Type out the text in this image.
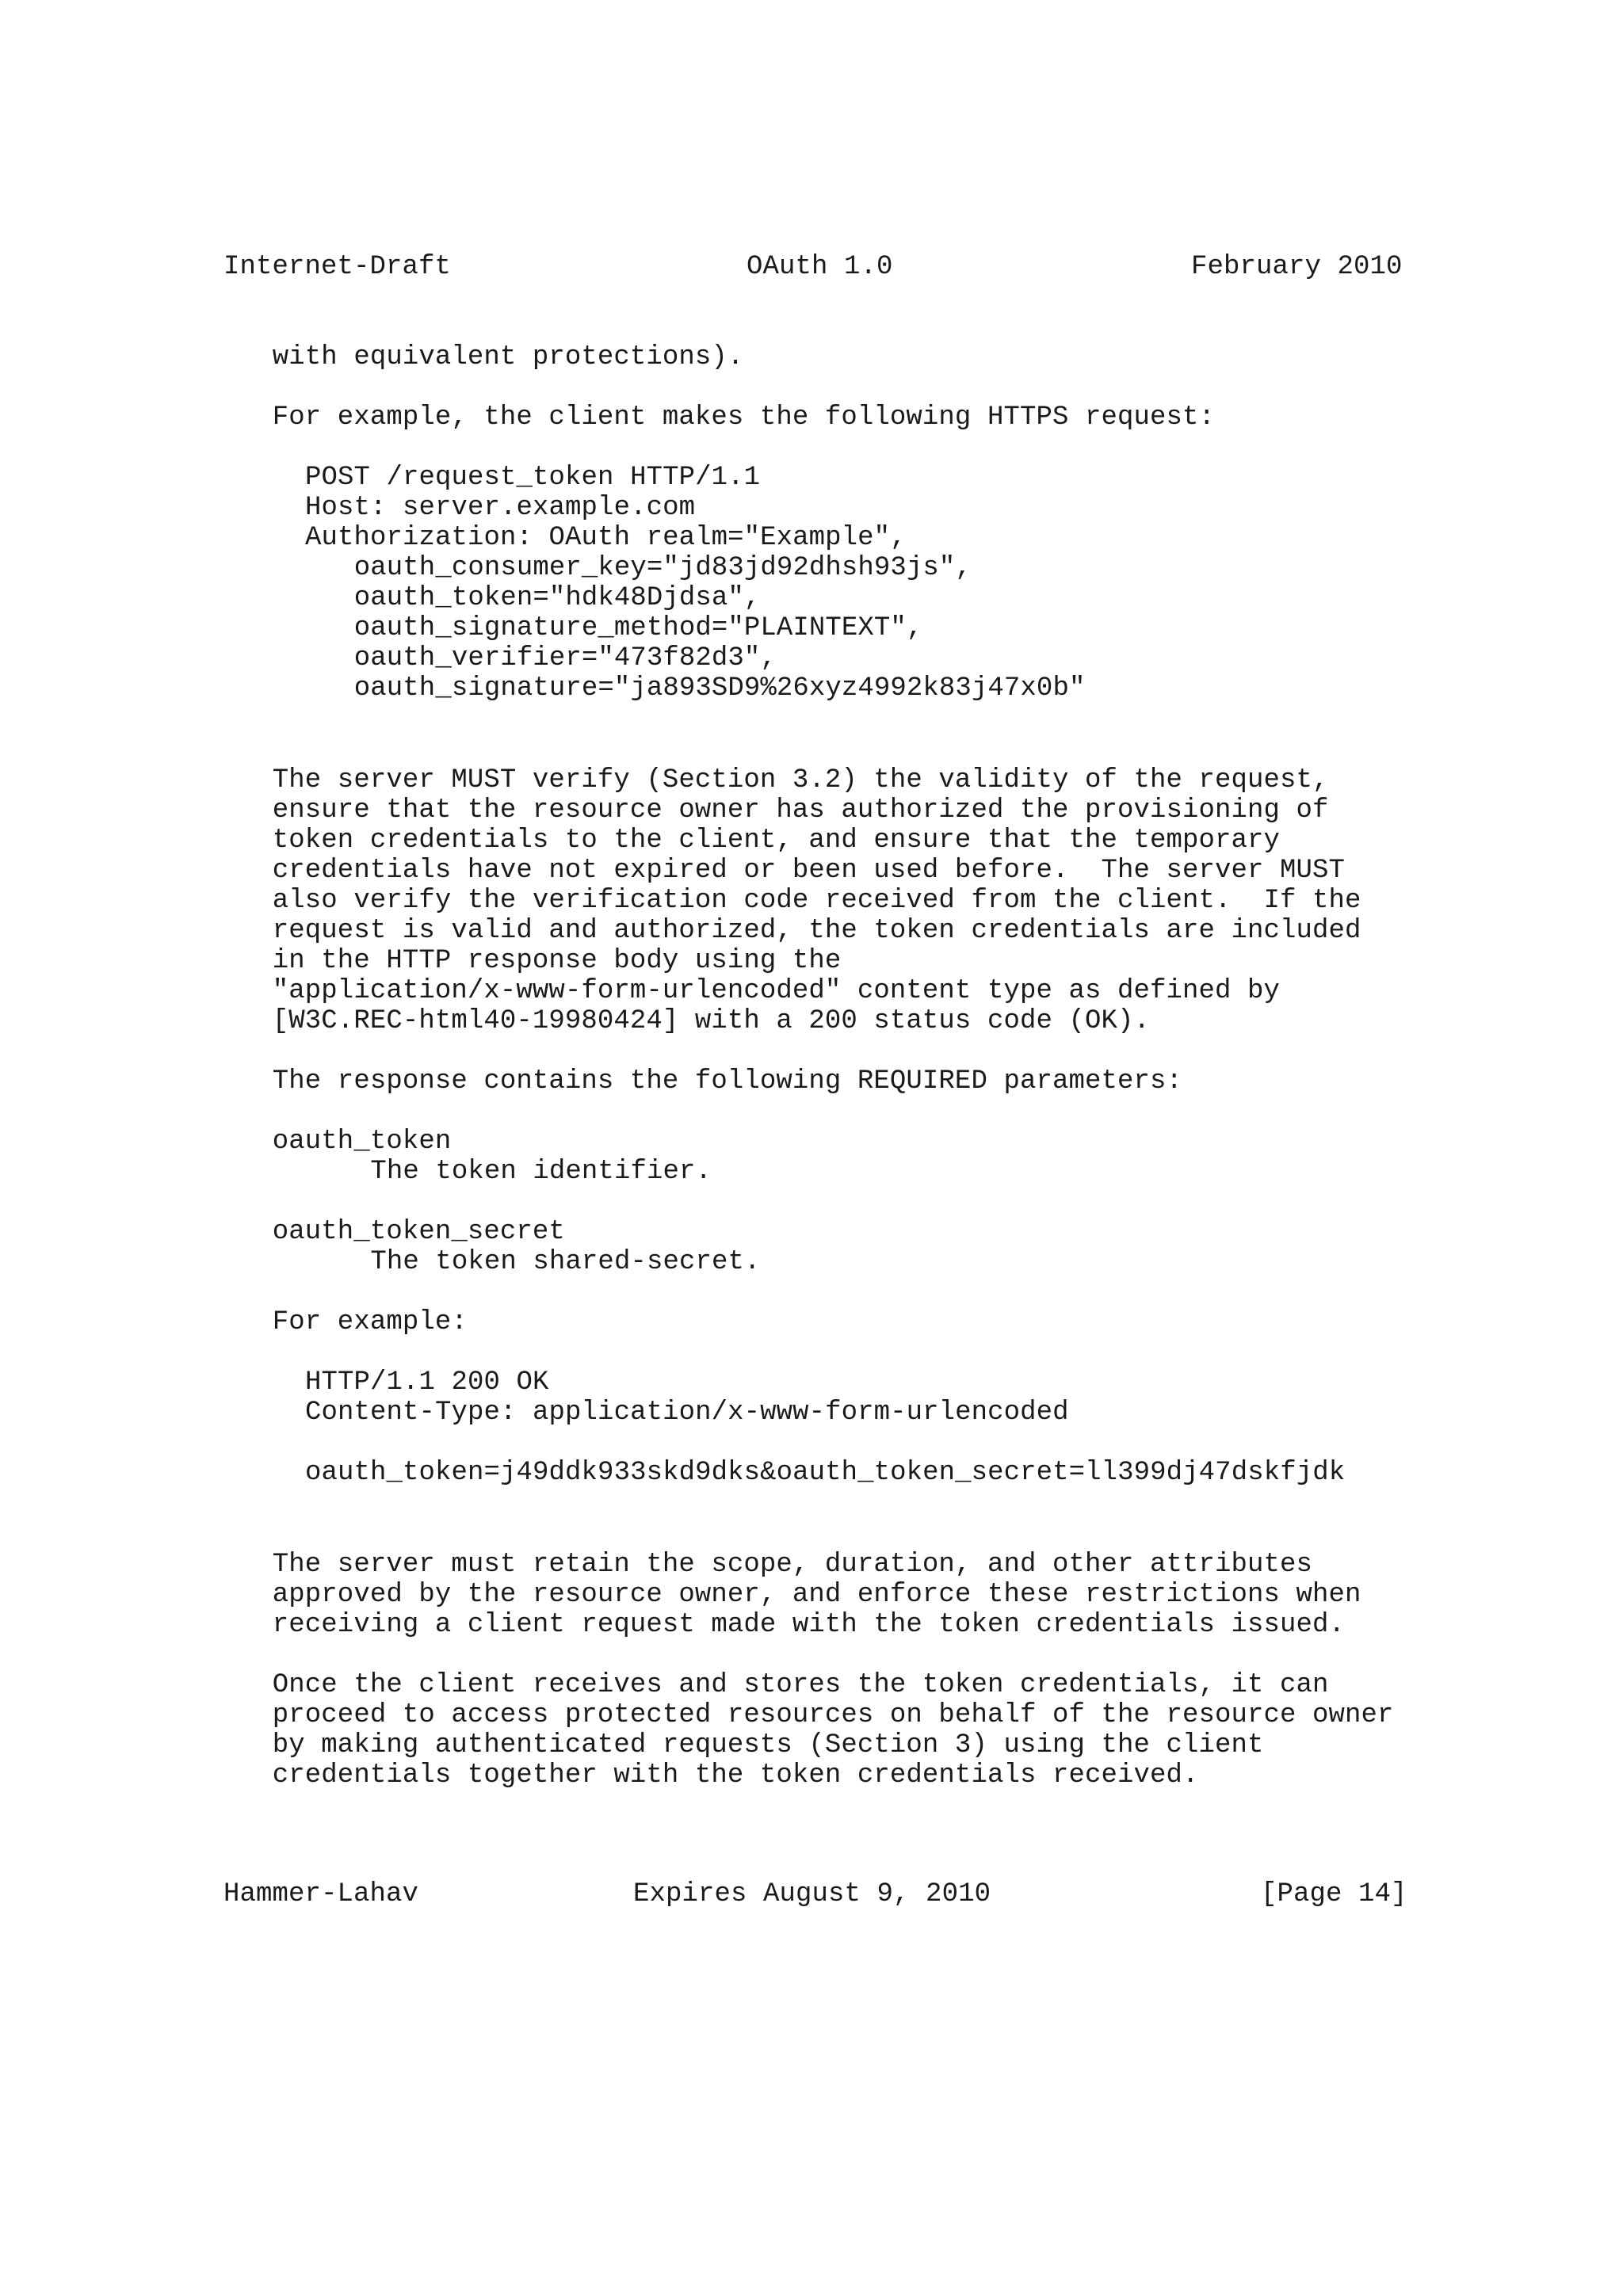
Internet-Draft	OAuth 1.0	February 2010
with equivalent protections).
For example, the client makes the following HTTPS request:
POST /request_token HTTP/1.1
Host: server.example.com
Authorization: OAuth realm="Example",
oauth_consumer_key="jd83jd92dhsh93js",
oauth_token="hdk48Djdsa",
oauth_signature_method="PLAINTEXT",
oauth_verifier="473f82d3",
oauth_signature="ja893SD9%26xyz4992k83j47x0b"
The server MUST verify (Section 3.2) the validity of the request,
ensure that the resource owner has authorized the provisioning of
token credentials to the client, and ensure that the temporary
credentials have not expired or been used before.  The server MUST
also verify the verification code received from the client.  If the
request is valid and authorized, the token credentials are included
in the HTTP response body using the
"application/x-www-form-urlencoded" content type as defined by
[W3C.REC-html40-19980424] with a 200 status code (OK).
The response contains the following REQUIRED parameters:
oauth_token
The token identifier.
oauth_token_secret
The token shared-secret.
For example:
HTTP/1.1 200 OK
Content-Type: application/x-www-form-urlencoded
oauth_token=j49ddk933skd9dks&oauth_token_secret=ll399dj47dskfjdk
The server must retain the scope, duration, and other attributes
approved by the resource owner, and enforce these restrictions when
receiving a client request made with the token credentials issued.
Once the client receives and stores the token credentials, it can
proceed to access protected resources on behalf of the resource owner
by making authenticated requests (Section 3) using the client
credentials together with the token credentials received.
Hammer-Lahav	Expires August 9, 2010	[Page 14]
